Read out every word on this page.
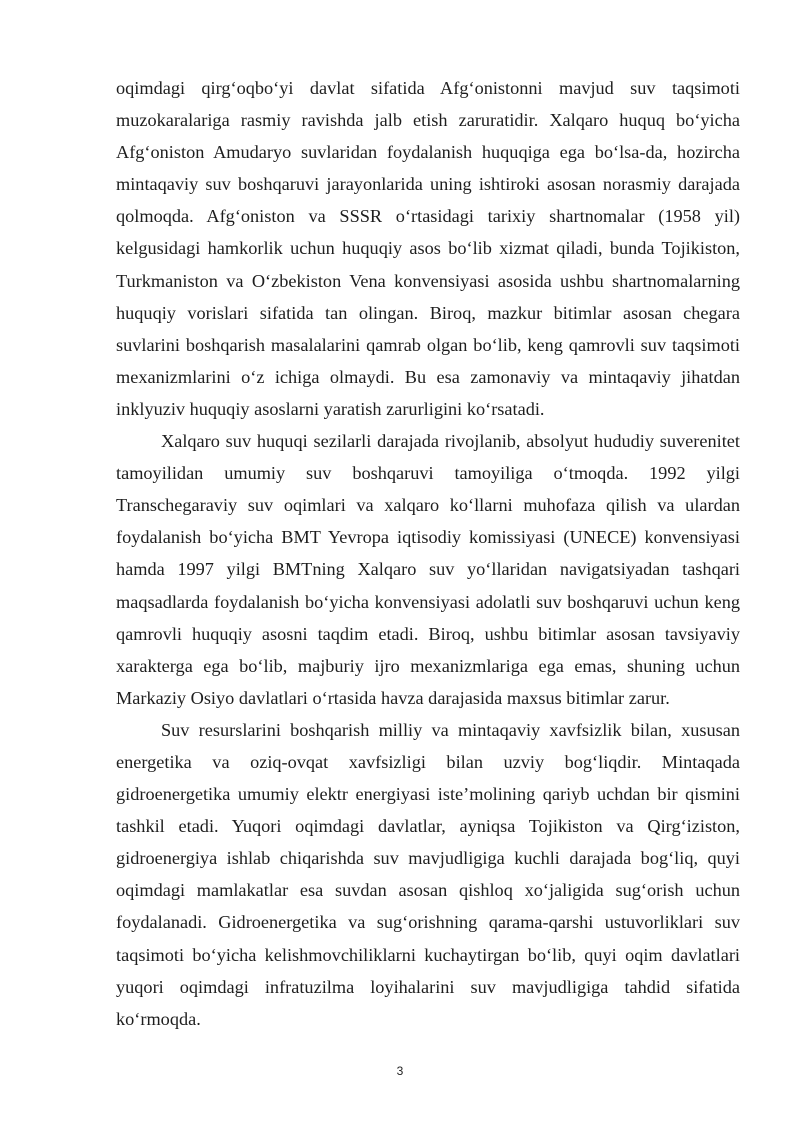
oqimdagi qirg‘oqbo‘yi davlat sifatida Afg‘onistonni mavjud suv taqsimoti muzokaralariga rasmiy ravishda jalb etish zaruratidir. Xalqaro huquq bo‘yicha Afg‘oniston Amudaryo suvlaridan foydalanish huquqiga ega bo‘lsa-da, hozircha mintaqaviy suv boshqaruvi jarayonlarida uning ishtiroki asosan norasmiy darajada qolmoqda. Afg‘oniston va SSSR o‘rtasidagi tarixiy shartnomalar (1958 yil) kelgusidagi hamkorlik uchun huquqiy asos bo‘lib xizmat qiladi, bunda Tojikiston, Turkmaniston va O‘zbekiston Vena konvensiyasi asosida ushbu shartnomalarning huquqiy vorislari sifatida tan olingan. Biroq, mazkur bitimlar asosan chegara suvlarini boshqarish masalalarini qamrab olgan bo‘lib, keng qamrovli suv taqsimoti mexanizmlarini o‘z ichiga olmaydi. Bu esa zamonaviy va mintaqaviy jihatdan inklyuziv huquqiy asoslarni yaratish zarurligini ko‘rsatadi.

Xalqaro suv huquqi sezilarli darajada rivojlanib, absolyut hududiy suverenitet tamoyilidan umumiy suv boshqaruvi tamoyiliga o‘tmoqda. 1992 yilgi Transchegaraviy suv oqimlari va xalqaro ko‘llarni muhofaza qilish va ulardan foydalanish bo‘yicha BMT Yevropa iqtisodiy komissiyasi (UNECE) konvensiyasi hamda 1997 yilgi BMTning Xalqaro suv yo‘llaridan navigatsiyadan tashqari maqsadlarda foydalanish bo‘yicha konvensiyasi adolatli suv boshqaruvi uchun keng qamrovli huquqiy asosni taqdim etadi. Biroq, ushbu bitimlar asosan tavsiyaviy xarakterga ega bo‘lib, majburiy ijro mexanizmlariga ega emas, shuning uchun Markaziy Osiyo davlatlari o‘rtasida havza darajasida maxsus bitimlar zarur.

Suv resurslarini boshqarish milliy va mintaqaviy xavfsizlik bilan, xususan energetika va oziq-ovqat xavfsizligi bilan uzviy bog‘liqdir. Mintaqada gidroenergetika umumiy elektr energiyasi iste’molining qariyb uchdan bir qismini tashkil etadi. Yuqori oqimdagi davlatlar, ayniqsa Tojikiston va Qirg‘iziston, gidroenergiya ishlab chiqarishda suv mavjudligiga kuchli darajada bog‘liq, quyi oqimdagi mamlakatlar esa suvdan asosan qishloq xo‘jaligida sug‘orish uchun foydalanadi. Gidroenergetika va sug‘orishning qarama-qarshi ustuvorliklari suv taqsimoti bo‘yicha kelishmovchiliklarni kuchaytirgan bo‘lib, quyi oqim davlatlari yuqori oqimdagi infratuzilma loyihalarini suv mavjudligiga tahdid sifatida ko‘rmoqda.

3
